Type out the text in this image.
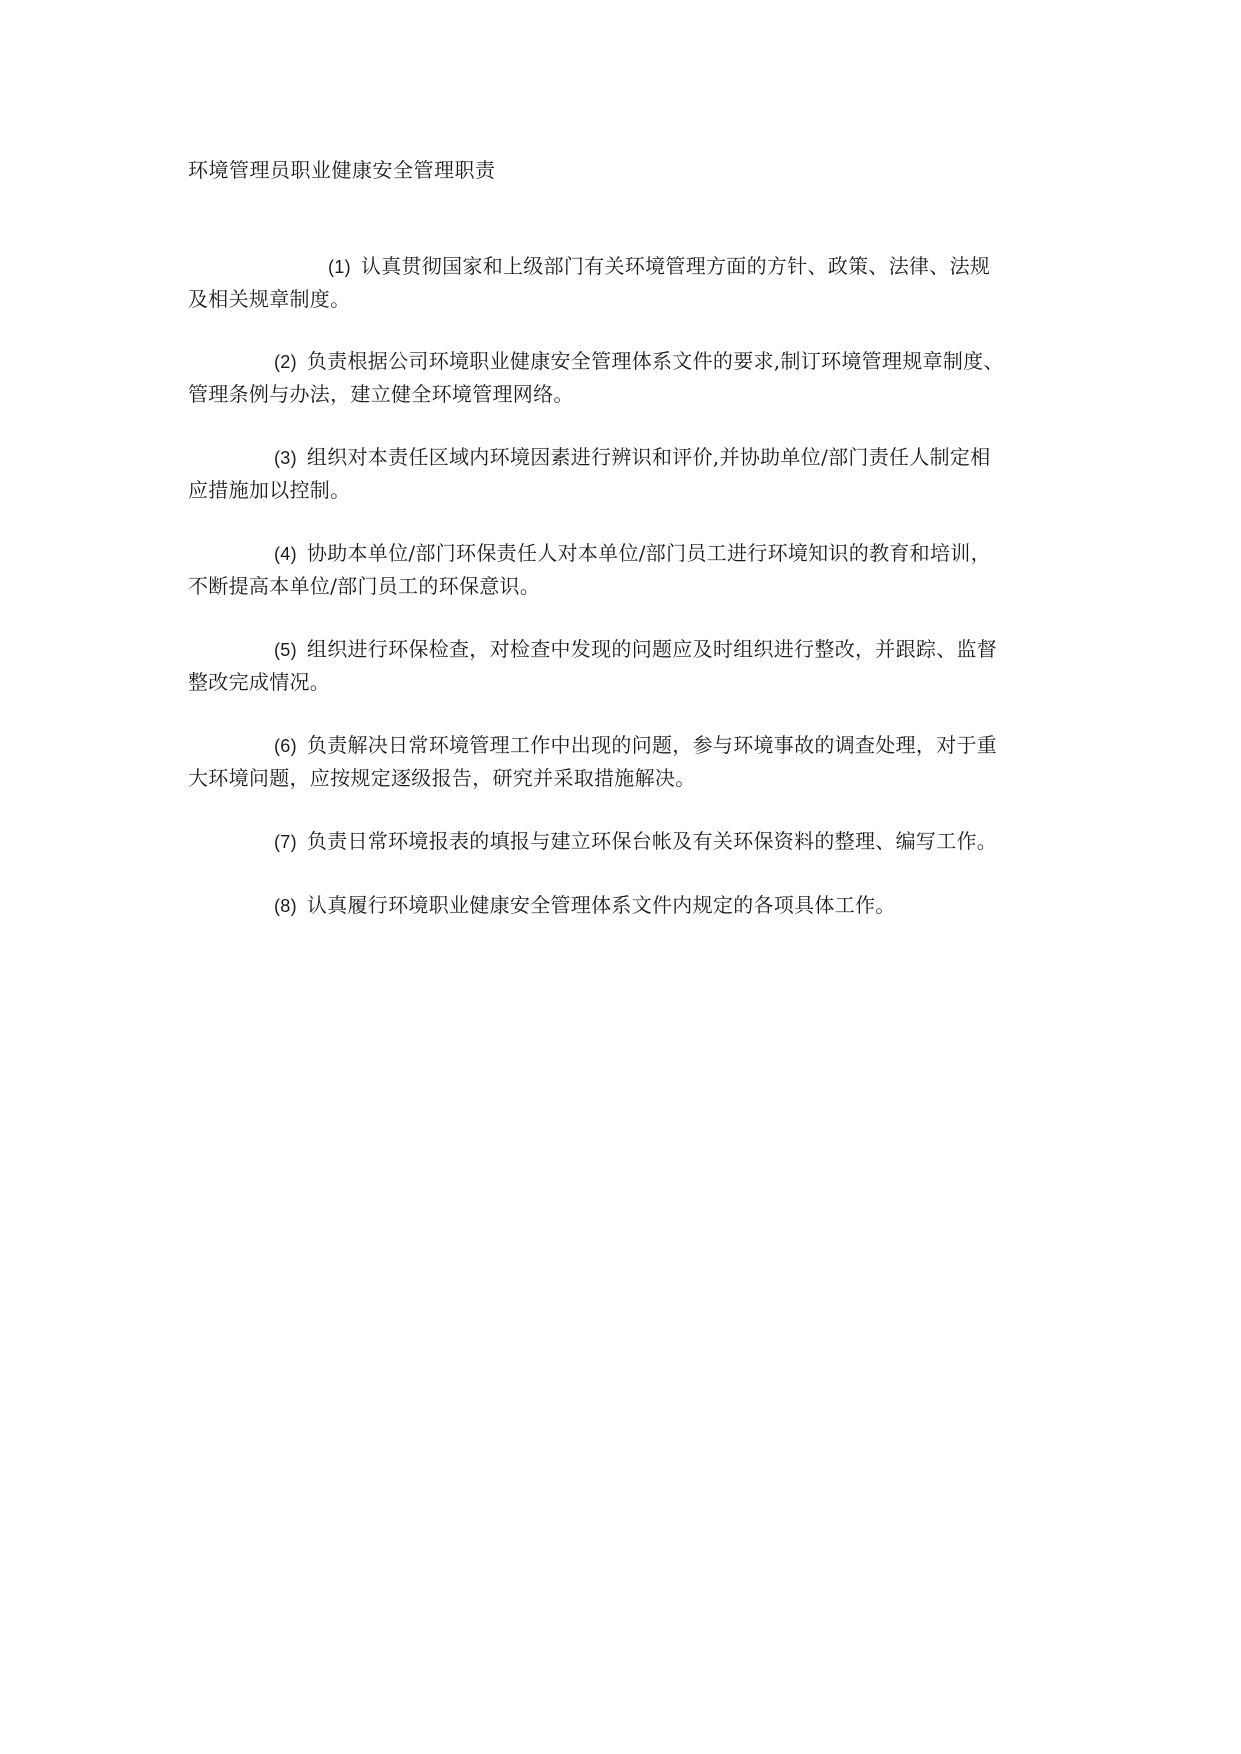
环境管理员职业健康安全管理职责
(1) 认真贯彻国家和上级部门有关环境管理方面的方针、政策、法律、法规
及相关规章制度。
(2) 负责根据公司环境职业健康安全管理体系文件的要求,制订环境管理规章制度、
管理条例与办法，建立健全环境管理网络。
(3) 组织对本责任区域内环境因素进行辨识和评价,并协助单位/部门责任人制定相
应措施加以控制。
(4) 协助本单位/部门环保责任人对本单位/部门员工进行环境知识的教育和培训，
不断提高本单位/部门员工的环保意识。
(5) 组织进行环保检查，对检查中发现的问题应及时组织进行整改，并跟踪、监督
整改完成情况。
(6) 负责解决日常环境管理工作中出现的问题，参与环境事故的调查处理，对于重
大环境问题，应按规定逐级报告，研究并采取措施解决。
(7) 负责日常环境报表的填报与建立环保台帐及有关环保资料的整理、编写工作。
(8) 认真履行环境职业健康安全管理体系文件内规定的各项具体工作。
